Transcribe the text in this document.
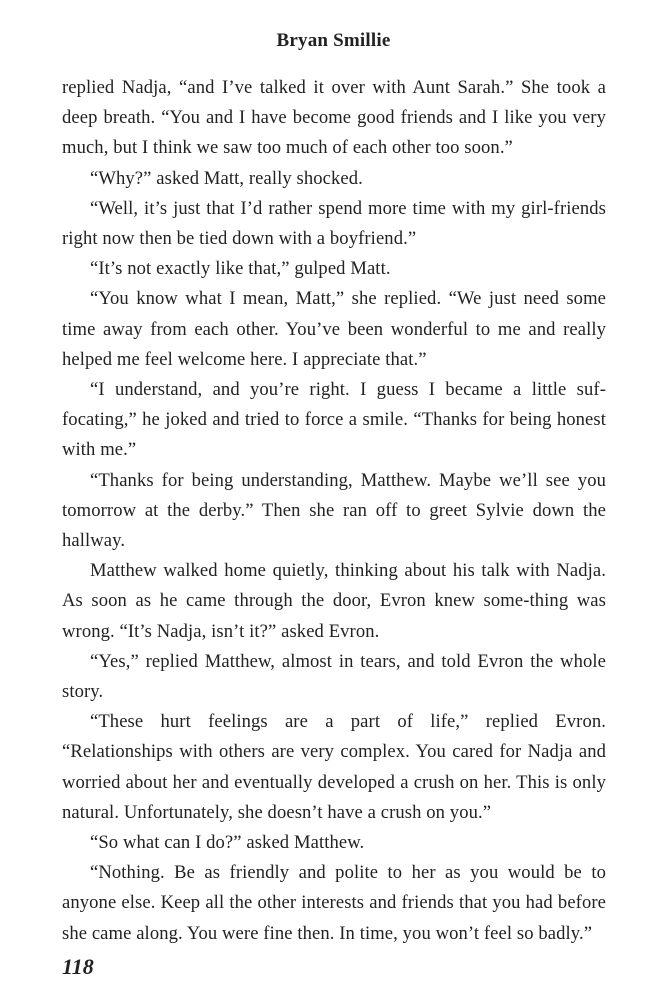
Bryan Smillie

replied Nadja, “and I’ve talked it over with Aunt Sarah.” She took a deep breath. “You and I have become good friends and I like you very much, but I think we saw too much of each other too soon.”

“Why?” asked Matt, really shocked.

“Well, it’s just that I’d rather spend more time with my girl-friends right now then be tied down with a boyfriend.”

“It’s not exactly like that,” gulped Matt.

“You know what I mean, Matt,” she replied. “We just need some time away from each other. You’ve been wonderful to me and really helped me feel welcome here. I appreciate that.”

“I understand, and you’re right. I guess I became a little suf-focating,” he joked and tried to force a smile. “Thanks for being honest with me.”

“Thanks for being understanding, Matthew. Maybe we’ll see you tomorrow at the derby.” Then she ran off to greet Sylvie down the hallway.

Matthew walked home quietly, thinking about his talk with Nadja. As soon as he came through the door, Evron knew some-thing was wrong. “It’s Nadja, isn’t it?” asked Evron.

“Yes,” replied Matthew, almost in tears, and told Evron the whole story.

“These hurt feelings are a part of life,” replied Evron. “Relationships with others are very complex. You cared for Nadja and worried about her and eventually developed a crush on her. This is only natural. Unfortunately, she doesn’t have a crush on you.”

“So what can I do?” asked Matthew.

“Nothing. Be as friendly and polite to her as you would be to anyone else. Keep all the other interests and friends that you had before she came along. You were fine then. In time, you won’t feel so badly.”

118
